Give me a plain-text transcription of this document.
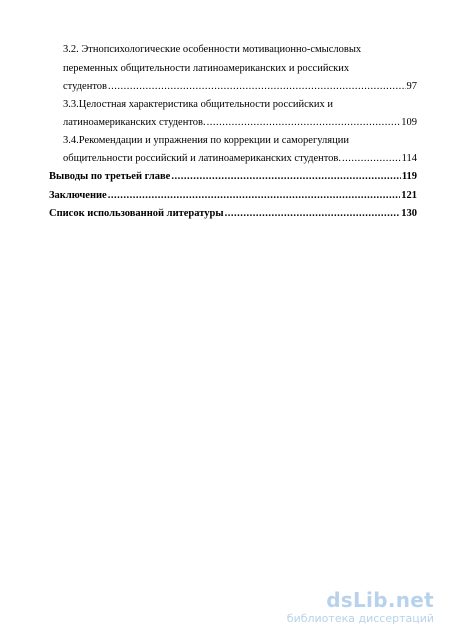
3.2. Этнопсихологические особенности мотивационно-смысловых
переменных общительности латиноамериканских и российских
студентов .....	97
3.3.Целостная характеристика общительности российских и
латиноамериканских студентов. .....	109
3.4.Рекомендации и упражнения по коррекции и саморегуляции
общительности российский и латиноамериканских студентов. .....	114
Выводы по третьей главе .....	119
Заключение .....	121
Список использованной литературы .....	130
dsLib.net
библиотека диссертаций
